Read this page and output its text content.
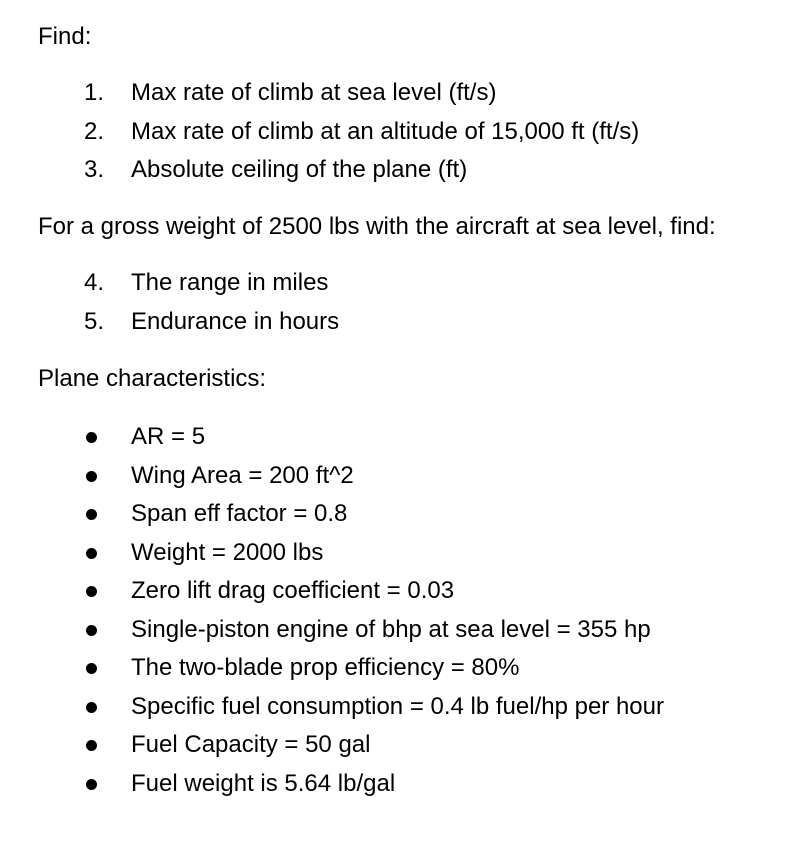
Find:

1. Max rate of climb at sea level (ft/s)
2. Max rate of climb at an altitude of 15,000 ft (ft/s)
3. Absolute ceiling of the plane (ft)

For a gross weight of 2500 lbs with the aircraft at sea level, find:

4. The range in miles
5. Endurance in hours

Plane characteristics:

AR = 5
Wing Area = 200 ft^2
Span eff factor = 0.8
Weight = 2000 lbs
Zero lift drag coefficient = 0.03
Single-piston engine of bhp at sea level = 355 hp
The two-blade prop efficiency = 80%
Specific fuel consumption = 0.4 lb fuel/hp per hour
Fuel Capacity = 50 gal
Fuel weight is 5.64 lb/gal
